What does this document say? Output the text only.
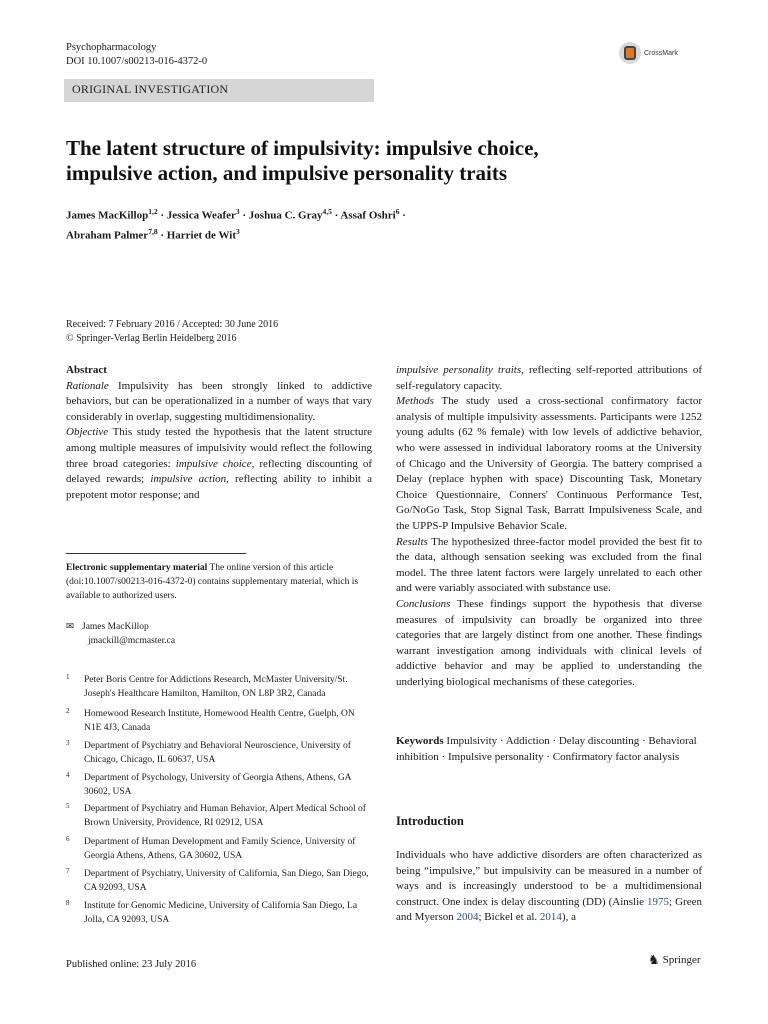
Psychopharmacology
DOI 10.1007/s00213-016-4372-0
CrossMark
ORIGINAL INVESTIGATION
The latent structure of impulsivity: impulsive choice,
impulsive action, and impulsive personality traits
James MacKillop$^{1,2}$ · Jessica Weafer$^3$ · Joshua C. Gray$^{4,5}$ · Assaf Oshri$^6$ ·
Abraham Palmer$^{7,8}$ · Harriet de Wit$^3$
Received: 7 February 2016 / Accepted: 30 June 2016
© Springer-Verlag Berlin Heidelberg 2016

Abstract

Rationale Impulsivity has been strongly linked to addictive behaviors, but can be operationalized in a number of ways that vary considerably in overlap, suggesting multidimensionality.

Objective This study tested the hypothesis that the latent structure among multiple measures of impulsivity would reflect the following three broad categories: impulsive choice, reflecting discounting of delayed rewards; impulsive action, reflecting ability to inhibit a prepotent motor response; and

Electronic supplementary material The online version of this article (doi:10.1007/s00213-016-4372-0) contains supplementary material, which is available to authorized users.
✉ James MacKillop
jmackill@mcmaster.ca
1 Peter Boris Centre for Addictions Research, McMaster University/St. Joseph's Healthcare Hamilton, Hamilton, ON L8P 3R2, Canada
2 Homewood Research Institute, Homewood Health Centre, Guelph, ON N1E 4J3, Canada
3 Department of Psychiatry and Behavioral Neuroscience, University of Chicago, Chicago, IL 60637, USA
4 Department of Psychology, University of Georgia Athens, Athens, GA 30602, USA
5 Department of Psychiatry and Human Behavior, Alpert Medical School of Brown University, Providence, RI 02912, USA
6 Department of Human Development and Family Science, University of Georgia Athens, Athens, GA 30602, USA
7 Department of Psychiatry, University of California, San Diego, San Diego, CA 92093, USA
8 Institute for Genomic Medicine, University of California San Diego, La Jolla, CA 92093, USA

impulsive personality traits, reflecting self-reported attributions of self-regulatory capacity.

Methods The study used a cross-sectional confirmatory factor analysis of multiple impulsivity assessments. Participants were 1252 young adults (62 % female) with low levels of addictive behavior, who were assessed in individual laboratory rooms at the University of Chicago and the University of Georgia. The battery comprised a Delay (replace hyphen with space) Discounting Task, Monetary Choice Questionnaire, Conners' Continuous Performance Test, Go/NoGo Task, Stop Signal Task, Barratt Impulsiveness Scale, and the UPPS-P Impulsive Behavior Scale.

Results The hypothesized three-factor model provided the best fit to the data, although sensation seeking was excluded from the final model. The three latent factors were largely unrelated to each other and were variably associated with substance use.

Conclusions These findings support the hypothesis that diverse measures of impulsivity can broadly be organized into three categories that are largely distinct from one another. These findings warrant investigation among individuals with clinical levels of addictive behavior and may be applied to understanding the underlying biological mechanisms of these categories.

Keywords Impulsivity · Addiction · Delay discounting · Behavioral inhibition · Impulsive personality · Confirmatory factor analysis
Introduction

Individuals who have addictive disorders are often characterized as being “impulsive,” but impulsivity can be measured in a number of ways and is increasingly understood to be a multidimensional construct. One index is delay discounting (DD) (Ainslie 1975; Green and Myerson 2004; Bickel et al. 2014), a

Published online: 23 July 2016	♞ Springer
